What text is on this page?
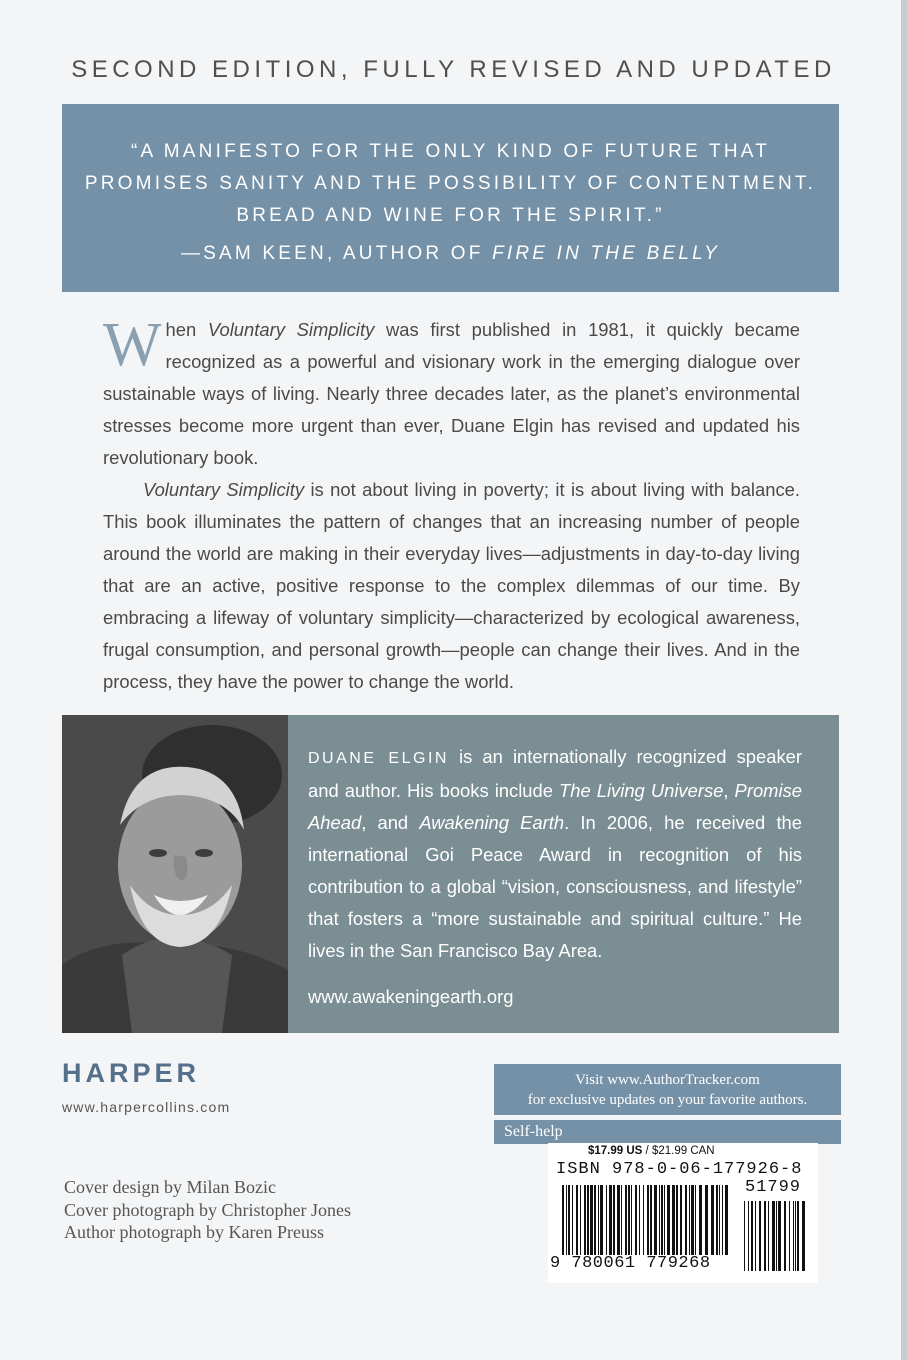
SECOND EDITION, FULLY REVISED AND UPDATED
“A MANIFESTO FOR THE ONLY KIND OF FUTURE THAT
PROMISES SANITY AND THE POSSIBILITY OF CONTENTMENT.
BREAD AND WINE FOR THE SPIRIT.”
—SAM KEEN, AUTHOR OF FIRE IN THE BELLY

When Voluntary Simplicity was first published in 1981, it quickly became recognized as a powerful and visionary work in the emerging dialogue over sustainable ways of living. Nearly three decades later, as the planet’s environmental stresses become more urgent than ever, Duane Elgin has revised and updated his revolutionary book.

Voluntary Simplicity is not about living in poverty; it is about living with balance. This book illuminates the pattern of changes that an increasing number of people around the world are making in their everyday lives—adjustments in day-to-day living that are an active, positive response to the complex dilemmas of our time. By embracing a lifeway of voluntary simplicity—characterized by ecological awareness, frugal consumption, and personal growth—people can change their lives. And in the process, they have the power to change the world.

DUANE ELGIN is an internationally recognized speaker and author. His books include The Living Universe, Promise Ahead, and Awakening Earth. In 2006, he received the international Goi Peace Award in recognition of his contribution to a global “vision, consciousness, and lifestyle” that fosters a “more sustainable and spiritual culture.” He lives in the San Francisco Bay Area.
www.awakeningearth.org
HARPER
www.harpercollins.com
Visit www.AuthorTracker.com
for exclusive updates on your favorite authors.
Self-help
$17.99 US / $21.99 CAN
ISBN 978-0-06-177926-8
51799
9 780061 779268
Cover design by Milan Bozic
Cover photograph by Christopher Jones
Author photograph by Karen Preuss
